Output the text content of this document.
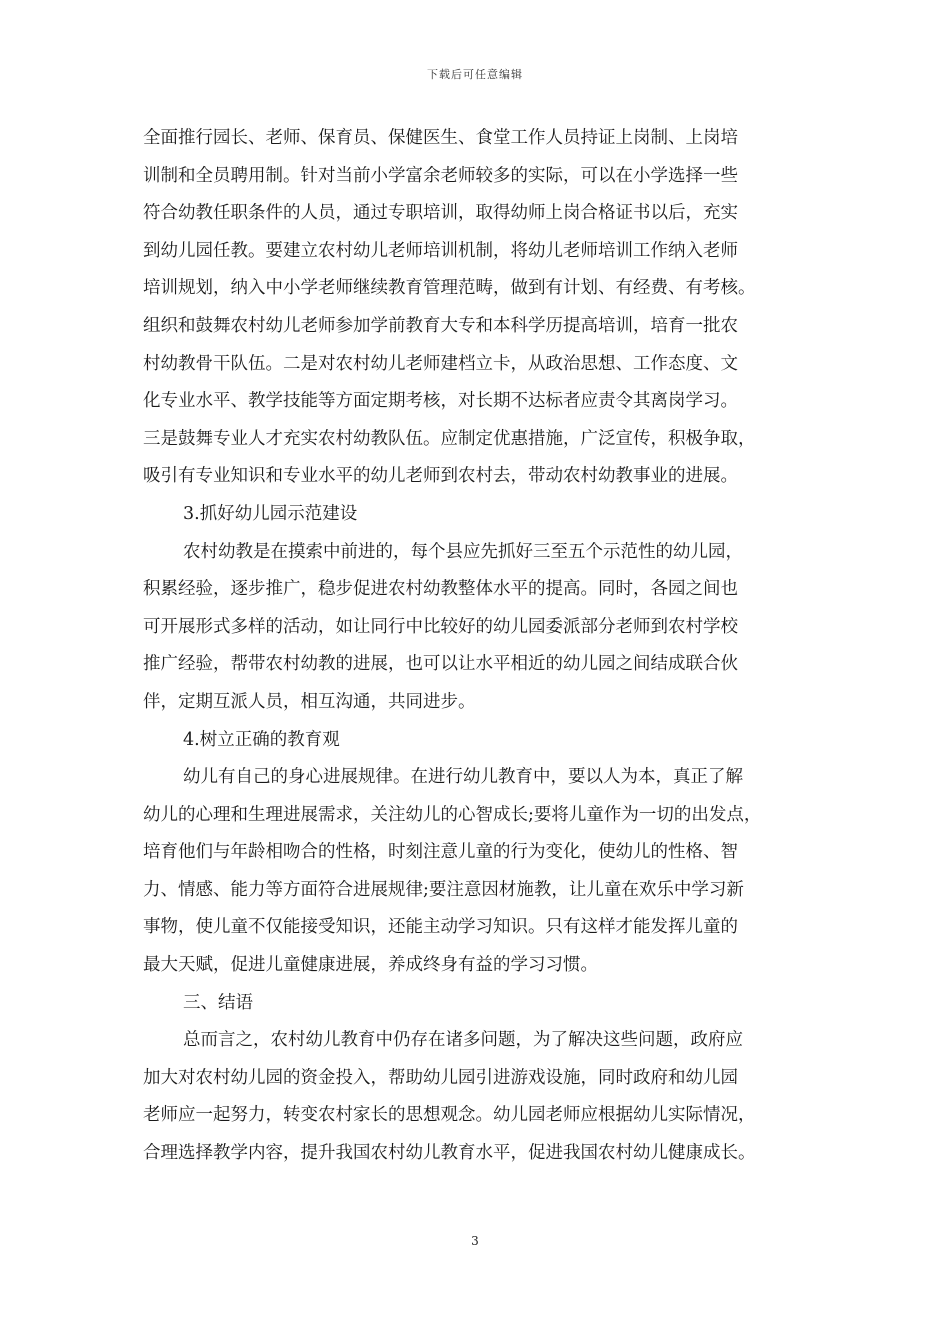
下载后可任意编辑
全面推行园长、老师、保育员、保健医生、食堂工作人员持证上岗制、上岗培
训制和全员聘用制。针对当前小学富余老师较多的实际，可以在小学选择一些
符合幼教任职条件的人员，通过专职培训，取得幼师上岗合格证书以后，充实
到幼儿园任教。要建立农村幼儿老师培训机制，将幼儿老师培训工作纳入老师
培训规划，纳入中小学老师继续教育管理范畴，做到有计划、有经费、有考核。
组织和鼓舞农村幼儿老师参加学前教育大专和本科学历提高培训，培育一批农
村幼教骨干队伍。二是对农村幼儿老师建档立卡，从政治思想、工作态度、文
化专业水平、教学技能等方面定期考核，对长期不达标者应责令其离岗学习。
三是鼓舞专业人才充实农村幼教队伍。应制定优惠措施，广泛宣传，积极争取，
吸引有专业知识和专业水平的幼儿老师到农村去，带动农村幼教事业的进展。
3.抓好幼儿园示范建设
农村幼教是在摸索中前进的，每个县应先抓好三至五个示范性的幼儿园，
积累经验，逐步推广，稳步促进农村幼教整体水平的提高。同时，各园之间也
可开展形式多样的活动，如让同行中比较好的幼儿园委派部分老师到农村学校
推广经验，帮带农村幼教的进展，也可以让水平相近的幼儿园之间结成联合伙
伴，定期互派人员，相互沟通，共同进步。
4.树立正确的教育观
幼儿有自己的身心进展规律。在进行幼儿教育中，要以人为本，真正了解
幼儿的心理和生理进展需求，关注幼儿的心智成长;要将儿童作为一切的出发点，
培育他们与年龄相吻合的性格，时刻注意儿童的行为变化，使幼儿的性格、智
力、情感、能力等方面符合进展规律;要注意因材施教，让儿童在欢乐中学习新
事物，使儿童不仅能接受知识，还能主动学习知识。只有这样才能发挥儿童的
最大天赋，促进儿童健康进展，养成终身有益的学习习惯。
三、结语
总而言之，农村幼儿教育中仍存在诸多问题，为了解决这些问题，政府应
加大对农村幼儿园的资金投入，帮助幼儿园引进游戏设施，同时政府和幼儿园
老师应一起努力，转变农村家长的思想观念。幼儿园老师应根据幼儿实际情况，
合理选择教学内容，提升我国农村幼儿教育水平，促进我国农村幼儿健康成长。
3
